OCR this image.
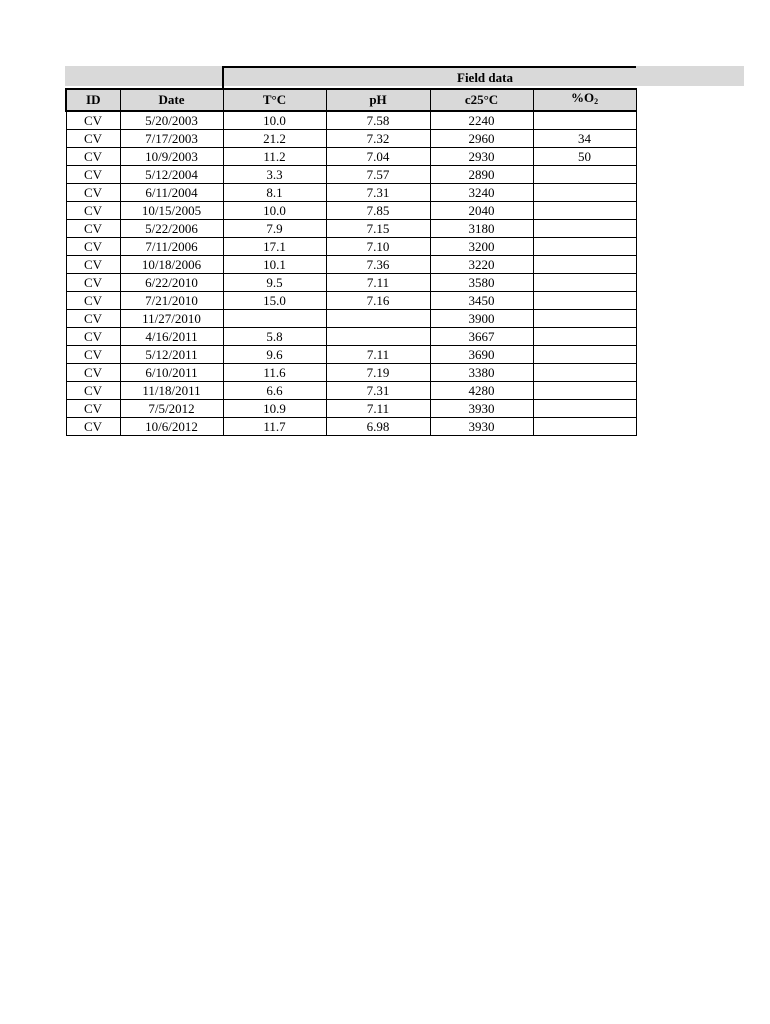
		Field data			
ID	Date	T°C	pH	c25°C	$\%O_2$
CV	5/20/2003	10.0	7.58	2240	
CV	7/17/2003	21.2	7.32	2960	34
CV	10/9/2003	11.2	7.04	2930	50
CV	5/12/2004	3.3	7.57	2890	
CV	6/11/2004	8.1	7.31	3240	
CV	10/15/2005	10.0	7.85	2040	
CV	5/22/2006	7.9	7.15	3180	
CV	7/11/2006	17.1	7.10	3200	
CV	10/18/2006	10.1	7.36	3220	
CV	6/22/2010	9.5	7.11	3580	
CV	7/21/2010	15.0	7.16	3450	
CV	11/27/2010			3900	
CV	4/16/2011	5.8		3667	
CV	5/12/2011	9.6	7.11	3690	
CV	6/10/2011	11.6	7.19	3380	
CV	11/18/2011	6.6	7.31	4280	
CV	7/5/2012	10.9	7.11	3930	
CV	10/6/2012	11.7	6.98	3930	
